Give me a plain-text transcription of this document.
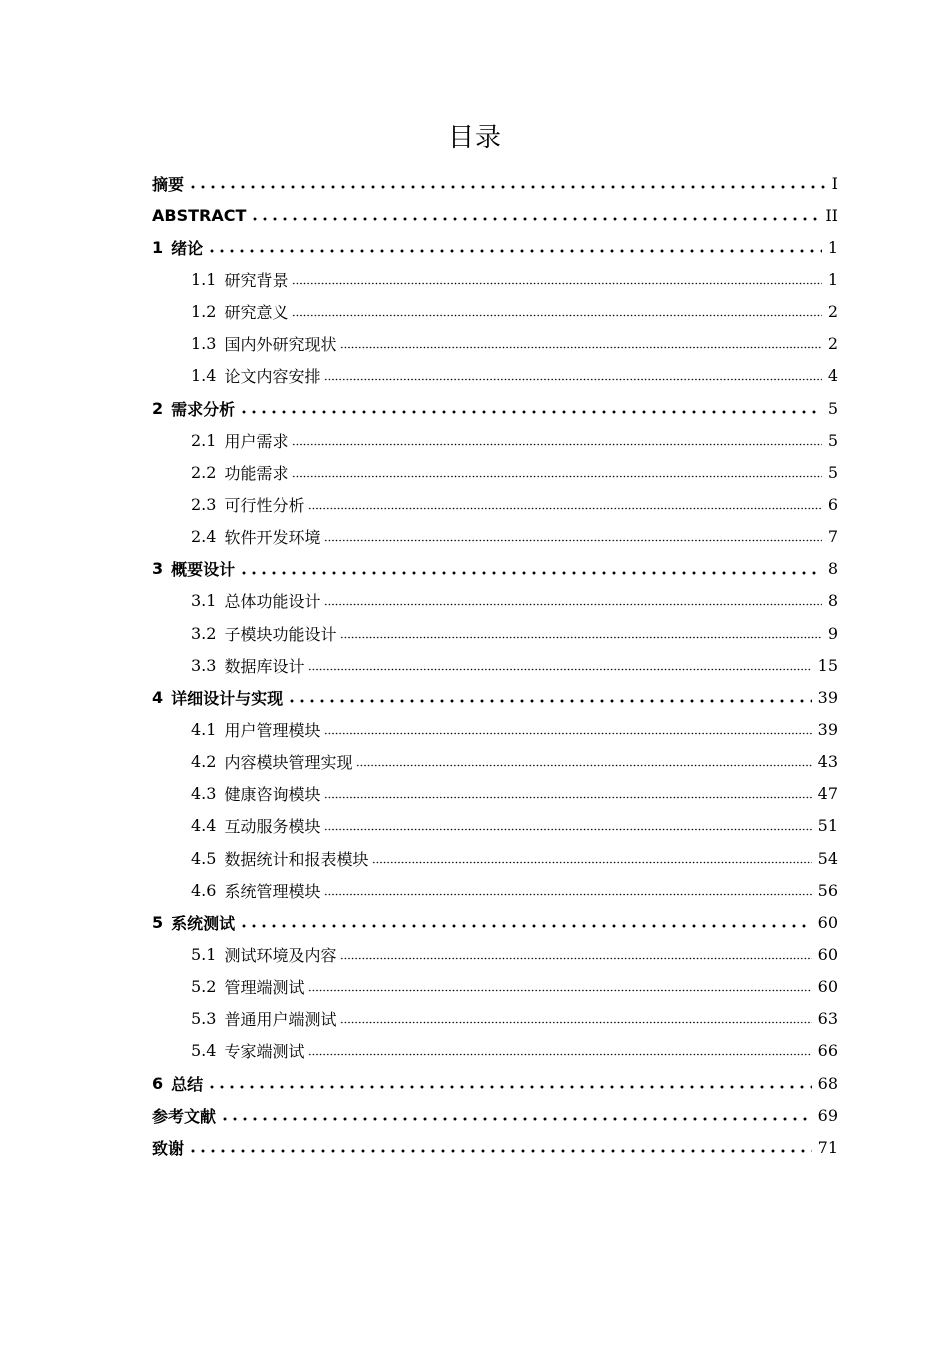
目录
摘要	I
ABSTRACT	II
1 绪论	1
1.1 研究背景	1
1.2 研究意义	2
1.3 国内外研究现状	2
1.4 论文内容安排	4
2 需求分析	5
2.1 用户需求	5
2.2 功能需求	5
2.3 可行性分析	6
2.4 软件开发环境	7
3 概要设计	8
3.1 总体功能设计	8
3.2 子模块功能设计	9
3.3 数据库设计	15
4 详细设计与实现	39
4.1 用户管理模块	39
4.2 内容模块管理实现	43
4.3 健康咨询模块	47
4.4 互动服务模块	51
4.5 数据统计和报表模块	54
4.6 系统管理模块	56
5 系统测试	60
5.1 测试环境及内容	60
5.2 管理端测试	60
5.3 普通用户端测试	63
5.4 专家端测试	66
6 总结	68
参考文献	69
致谢	71
